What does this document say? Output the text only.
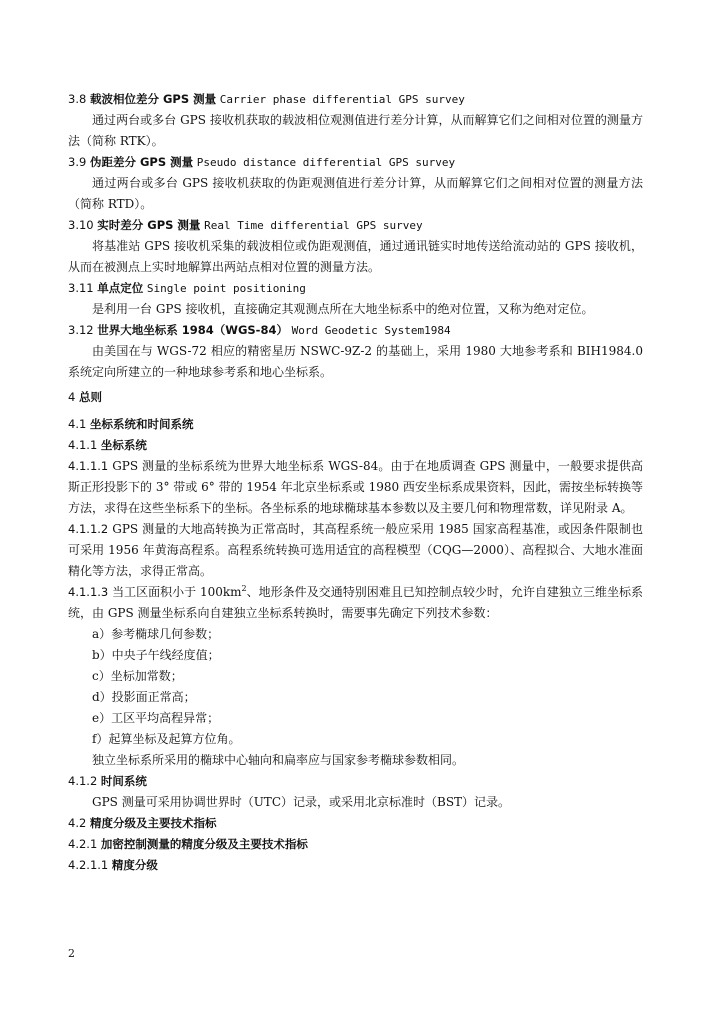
3.8 载波相位差分 GPS 测量 Carrier phase differential GPS survey
通过两台或多台 GPS 接收机获取的载波相位观测值进行差分计算，从而解算它们之间相对位置的测量方法（简称 RTK）。
3.9 伪距差分 GPS 测量 Pseudo distance differential GPS survey
通过两台或多台 GPS 接收机获取的伪距观测值进行差分计算，从而解算它们之间相对位置的测量方法（简称 RTD）。
3.10 实时差分 GPS 测量 Real Time differential GPS survey
将基准站 GPS 接收机采集的载波相位或伪距观测值，通过通讯链实时地传送给流动站的 GPS 接收机，从而在被测点上实时地解算出两站点相对位置的测量方法。
3.11 单点定位 Single point positioning
是利用一台 GPS 接收机，直接确定其观测点所在大地坐标系中的绝对位置，又称为绝对定位。
3.12 世界大地坐标系 1984（WGS-84） Word Geodetic System1984
由美国在与 WGS-72 相应的精密星历 NSWC-9Z-2 的基础上，采用 1980 大地参考系和 BIH1984.0 系统定向所建立的一种地球参考系和地心坐标系。
4 总则
4.1 坐标系统和时间系统
4.1.1 坐标系统
4.1.1.1 GPS 测量的坐标系统为世界大地坐标系 WGS-84。由于在地质调查 GPS 测量中，一般要求提供高斯正形投影下的 3° 带或 6° 带的 1954 年北京坐标系或 1980 西安坐标系成果资料，因此，需按坐标转换等方法，求得在这些坐标系下的坐标。各坐标系的地球椭球基本参数以及主要几何和物理常数，详见附录 A。
4.1.1.2 GPS 测量的大地高转换为正常高时，其高程系统一般应采用 1985 国家高程基准，或因条件限制也可采用 1956 年黄海高程系。高程系统转换可选用适宜的高程模型（CQG—2000）、高程拟合、大地水准面精化等方法，求得正常高。
4.1.1.3 当工区面积小于 $100km^2$、地形条件及交通特别困难且已知控制点较少时，允许自建独立三维坐标系统，由 GPS 测量坐标系向自建独立坐标系转换时，需要事先确定下列技术参数：
a）参考椭球几何参数；
b）中央子午线经度值；
c）坐标加常数；
d）投影面正常高；
e）工区平均高程异常；
f）起算坐标及起算方位角。
独立坐标系所采用的椭球中心轴向和扁率应与国家参考椭球参数相同。
4.1.2 时间系统
GPS 测量可采用协调世界时（UTC）记录，或采用北京标准时（BST）记录。
4.2 精度分级及主要技术指标
4.2.1 加密控制测量的精度分级及主要技术指标
4.2.1.1 精度分级
2
